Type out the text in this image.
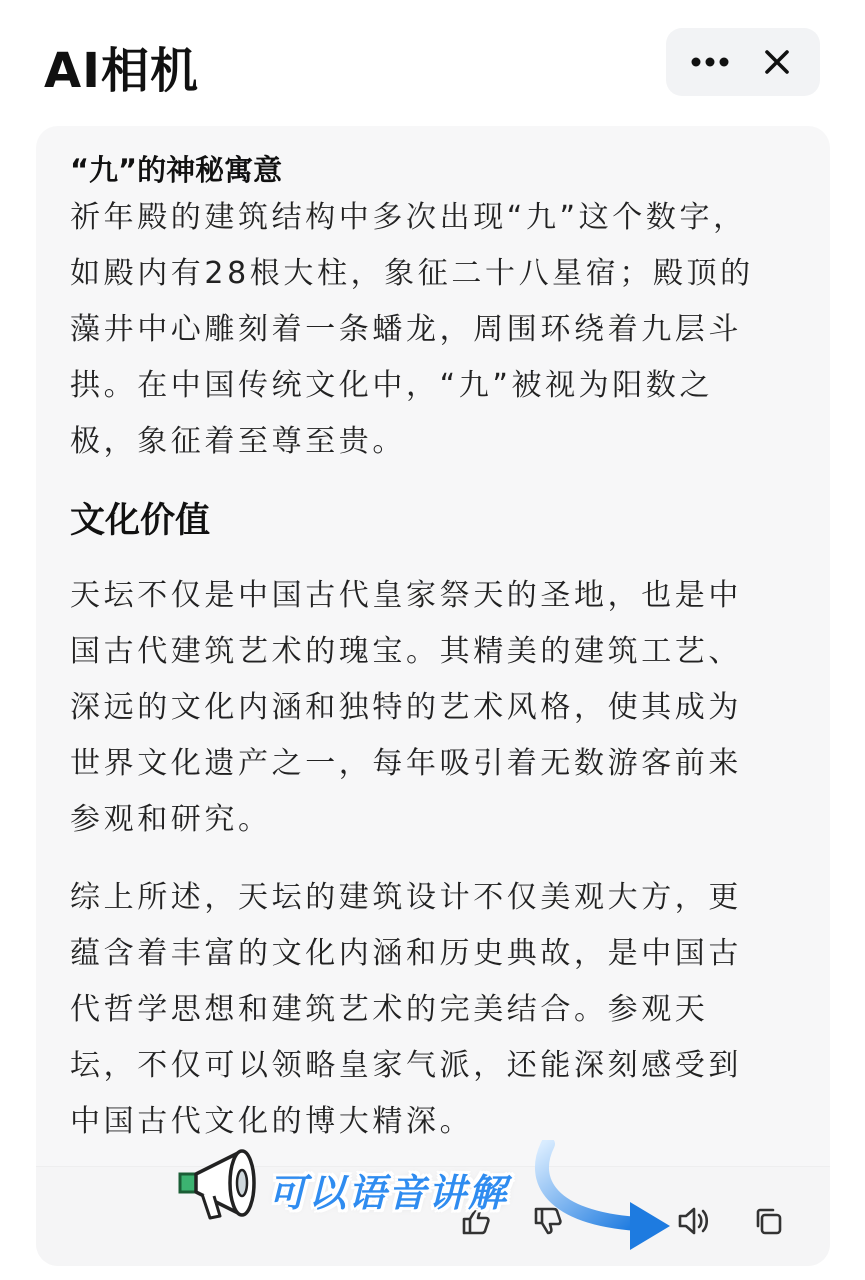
AI相机
“九”的神秘寓意
祈年殿的建筑结构中多次出现“九”这个数字，
如殿内有28根大柱，象征二十八星宿；殿顶的
藻井中心雕刻着一条蟠龙，周围环绕着九层斗
拱。在中国传统文化中，“九”被视为阳数之
极，象征着至尊至贵。
文化价值
天坛不仅是中国古代皇家祭天的圣地，也是中
国古代建筑艺术的瑰宝。其精美的建筑工艺、
深远的文化内涵和独特的艺术风格，使其成为
世界文化遗产之一，每年吸引着无数游客前来
参观和研究。
综上所述，天坛的建筑设计不仅美观大方，更
蕴含着丰富的文化内涵和历史典故，是中国古
代哲学思想和建筑艺术的完美结合。参观天
坛，不仅可以领略皇家气派，还能深刻感受到
中国古代文化的博大精深。
可以语音讲解
